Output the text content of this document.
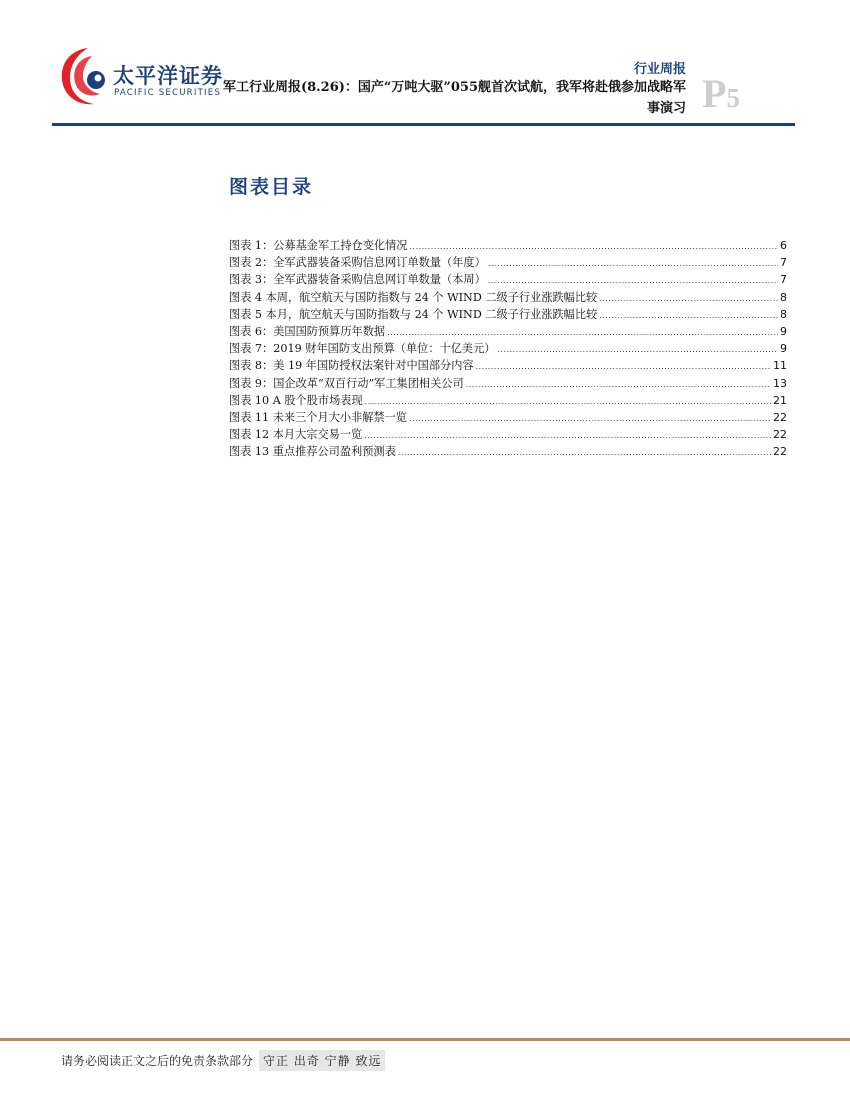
太平洋证券
PACIFIC SECURITIES
行业周报
军工行业周报(8.26)：国产“万吨大驱”055舰首次试航，我军将赴俄参加战略军事演习 P5
图表目录
图表 1：公募基金军工持仓变化情况 .....	6
图表 2：全军武器装备采购信息网订单数量（年度） .....	7
图表 3：全军武器装备采购信息网订单数量（本周） .....	7
图表 4 本周，航空航天与国防指数与 24 个 WIND 二级子行业涨跌幅比较 .....	8
图表 5 本月，航空航天与国防指数与 24 个 WIND 二级子行业涨跌幅比较 .....	8
图表 6：美国国防预算历年数据 .....	9
图表 7：2019 财年国防支出预算（单位：十亿美元） .....	9
图表 8：美 19 年国防授权法案针对中国部分内容 .....	11
图表 9：国企改革“双百行动”军工集团相关公司 .....	13
图表 10 A 股个股市场表现 .....	21
图表 11 未来三个月大小非解禁一览 .....	22
图表 12 本月大宗交易一览 .....	22
图表 13 重点推荐公司盈利预测表 .....	22
请务必阅读正文之后的免责条款部分 守正 出奇 宁静 致远
